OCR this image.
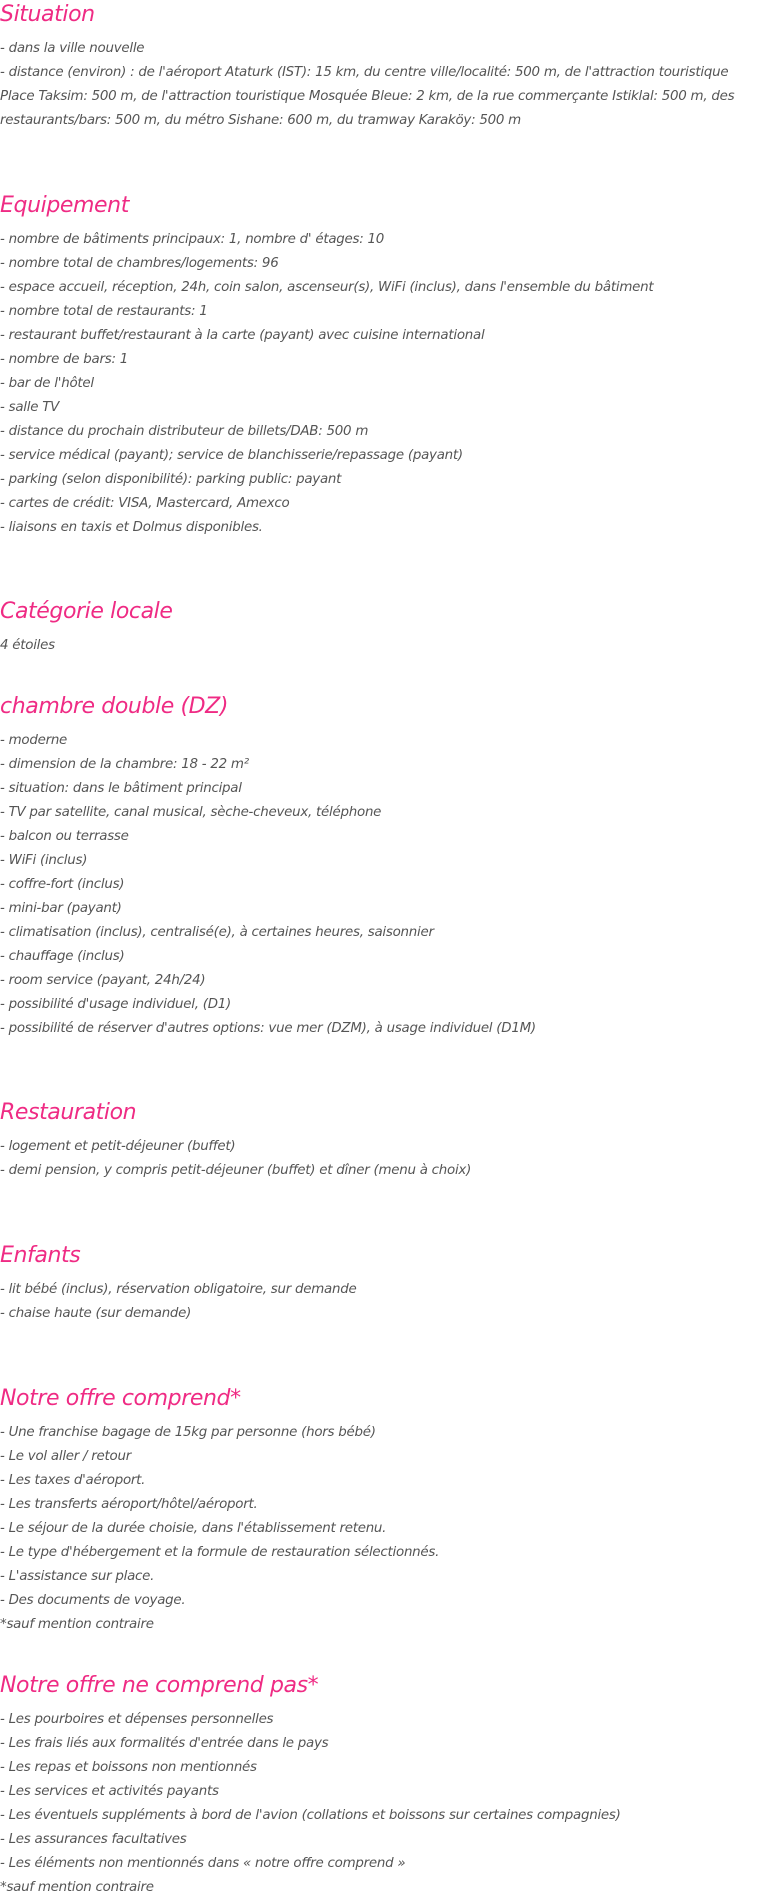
Situation

- dans la ville nouvelle

- distance (environ) : de l'aéroport Ataturk (IST): 15 km, du centre ville/localité: 500 m, de l'attraction touristique Place Taksim: 500 m, de l'attraction touristique Mosquée Bleue: 2 km, de la rue commerçante Istiklal: 500 m, des restaurants/bars: 500 m, du métro Sishane: 600 m, du tramway Karaköy: 500 m

Equipement
- nombre de bâtiments principaux: 1, nombre d' étages: 10
- nombre total de chambres/logements: 96
- espace accueil, réception, 24h, coin salon, ascenseur(s), WiFi (inclus), dans l'ensemble du bâtiment
- nombre total de restaurants: 1
- restaurant buffet/restaurant à la carte (payant) avec cuisine international
- nombre de bars: 1
- bar de l'hôtel
- salle TV
- distance du prochain distributeur de billets/DAB: 500 m
- service médical (payant); service de blanchisserie/repassage (payant)
- parking (selon disponibilité): parking public: payant
- cartes de crédit: VISA, Mastercard, Amexco
- liaisons en taxis et Dolmus disponibles.
Catégorie locale
4 étoiles
chambre double (DZ)
- moderne
- dimension de la chambre: 18 - 22 m²
- situation: dans le bâtiment principal
- TV par satellite, canal musical, sèche-cheveux, téléphone
- balcon ou terrasse
- WiFi (inclus)
- coffre-fort (inclus)
- mini-bar (payant)
- climatisation (inclus), centralisé(e), à certaines heures, saisonnier
- chauffage (inclus)
- room service (payant, 24h/24)
- possibilité d'usage individuel, (D1)
- possibilité de réserver d'autres options: vue mer (DZM), à usage individuel (D1M)
Restauration
- logement et petit-déjeuner (buffet)
- demi pension, y compris petit-déjeuner (buffet) et dîner (menu à choix)
Enfants
- lit bébé (inclus), réservation obligatoire, sur demande
- chaise haute (sur demande)
Notre offre comprend*
- Une franchise bagage de 15kg par personne (hors bébé)
- Le vol aller / retour
- Les taxes d'aéroport.
- Les transferts aéroport/hôtel/aéroport.
- Le séjour de la durée choisie, dans l'établissement retenu.
- Le type d'hébergement et la formule de restauration sélectionnés.
- L'assistance sur place.
- Des documents de voyage.

*sauf mention contraire

Notre offre ne comprend pas*
- Les pourboires et dépenses personnelles
- Les frais liés aux formalités d'entrée dans le pays
- Les repas et boissons non mentionnés
- Les services et activités payants
- Les éventuels suppléments à bord de l'avion (collations et boissons sur certaines compagnies)
- Les assurances facultatives
- Les éléments non mentionnés dans « notre offre comprend »

*sauf mention contraire
